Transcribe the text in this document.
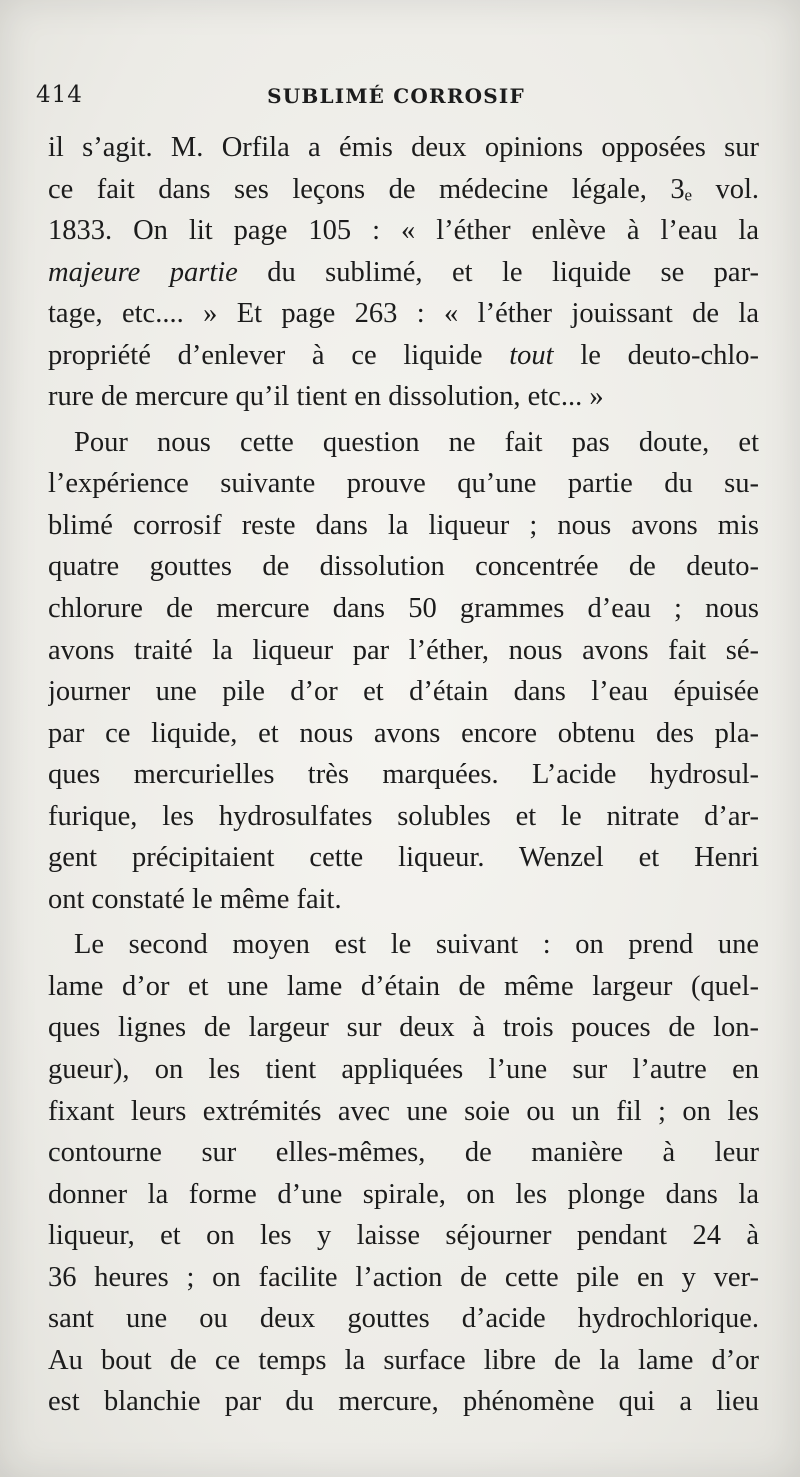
414	SUBLIMÉ CORROSIF
il s’agit. M. Orfila a émis deux opinions opposées sur
ce fait dans ses leçons de médecine légale, 3ₑ vol.
1833. On lit page 105 : « l’éther enlève à l’eau la
majeure partie du sublimé, et le liquide se par-
tage, etc.... » Et page 263 : « l’éther jouissant de la
propriété d’enlever à ce liquide tout le deuto-chlo-
rure de mercure qu’il tient en dissolution, etc... »
Pour nous cette question ne fait pas doute, et
l’expérience suivante prouve qu’une partie du su-
blimé corrosif reste dans la liqueur ; nous avons mis
quatre gouttes de dissolution concentrée de deuto-
chlorure de mercure dans 50 grammes d’eau ; nous
avons traité la liqueur par l’éther, nous avons fait sé-
journer une pile d’or et d’étain dans l’eau épuisée
par ce liquide, et nous avons encore obtenu des pla-
ques mercurielles très marquées. L’acide hydrosul-
furique, les hydrosulfates solubles et le nitrate d’ar-
gent précipitaient cette liqueur. Wenzel et Henri
ont constaté le même fait.
Le second moyen est le suivant : on prend une
lame d’or et une lame d’étain de même largeur (quel-
ques lignes de largeur sur deux à trois pouces de lon-
gueur), on les tient appliquées l’une sur l’autre en
fixant leurs extrémités avec une soie ou un fil ; on les
contourne sur elles-mêmes, de manière à leur
donner la forme d’une spirale, on les plonge dans la
liqueur, et on les y laisse séjourner pendant 24 à
36 heures ; on facilite l’action de cette pile en y ver-
sant une ou deux gouttes d’acide hydrochlorique.
Au bout de ce temps la surface libre de la lame d’or
est blanchie par du mercure, phénomène qui a lieu
